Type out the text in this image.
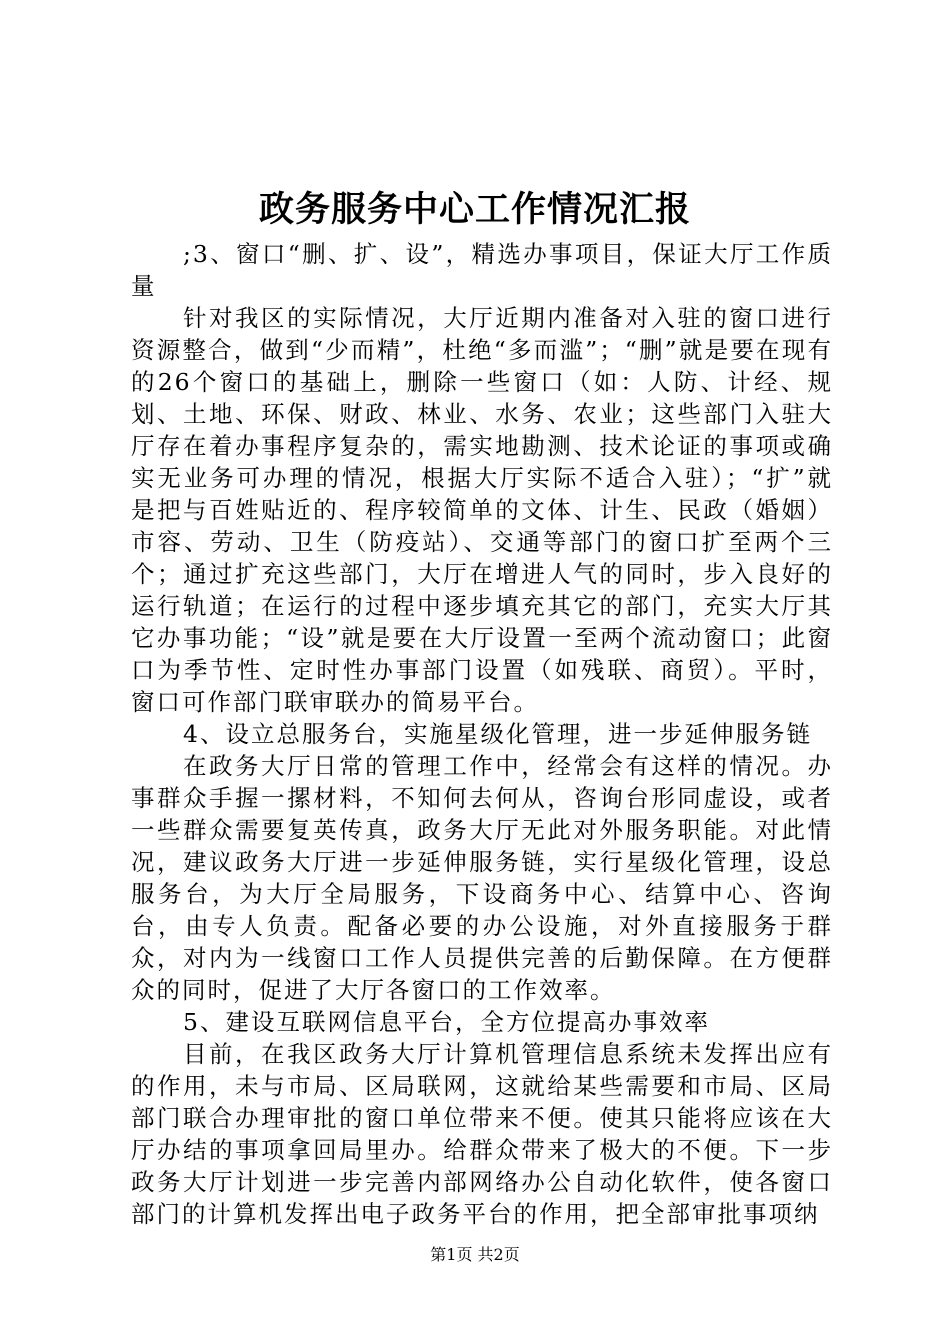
政务服务中心工作情况汇报

;3、窗口“删、扩、设”，精选办事项目，保证大厅工作质量

针对我区的实际情况，大厅近期内准备对入驻的窗口进行资源整合，做到“少而精”，杜绝“多而滥”；“删”就是要在现有的26个窗口的基础上，删除一些窗口（如：人防、计经、规划、土地、环保、财政、林业、水务、农业；这些部门入驻大厅存在着办事程序复杂的，需实地勘测、技术论证的事项或确实无业务可办理的情况，根据大厅实际不适合入驻）；“扩”就是把与百姓贴近的、程序较简单的文体、计生、民政（婚姻）市容、劳动、卫生（防疫站）、交通等部门的窗口扩至两个三个；通过扩充这些部门，大厅在增进人气的同时，步入良好的运行轨道；在运行的过程中逐步填充其它的部门，充实大厅其它办事功能；“设”就是要在大厅设置一至两个流动窗口；此窗口为季节性、定时性办事部门设置（如残联、商贸）。平时，窗口可作部门联审联办的简易平台。

4、设立总服务台，实施星级化管理，进一步延伸服务链

在政务大厅日常的管理工作中，经常会有这样的情况。办事群众手握一摞材料，不知何去何从，咨询台形同虚设，或者一些群众需要复英传真，政务大厅无此对外服务职能。对此情况，建议政务大厅进一步延伸服务链，实行星级化管理，设总服务台，为大厅全局服务，下设商务中心、结算中心、咨询台，由专人负责。配备必要的办公设施，对外直接服务于群众，对内为一线窗口工作人员提供完善的后勤保障。在方便群众的同时，促进了大厅各窗口的工作效率。

5、建设互联网信息平台，全方位提高办事效率

目前，在我区政务大厅计算机管理信息系统未发挥出应有的作用，未与市局、区局联网，这就给某些需要和市局、区局部门联合办理审批的窗口单位带来不便。使其只能将应该在大厅办结的事项拿回局里办。给群众带来了极大的不便。下一步政务大厅计划进一步完善内部网络办公自动化软件，使各窗口部门的计算机发挥出电子政务平台的作用，把全部审批事项纳

第1页 共2页
